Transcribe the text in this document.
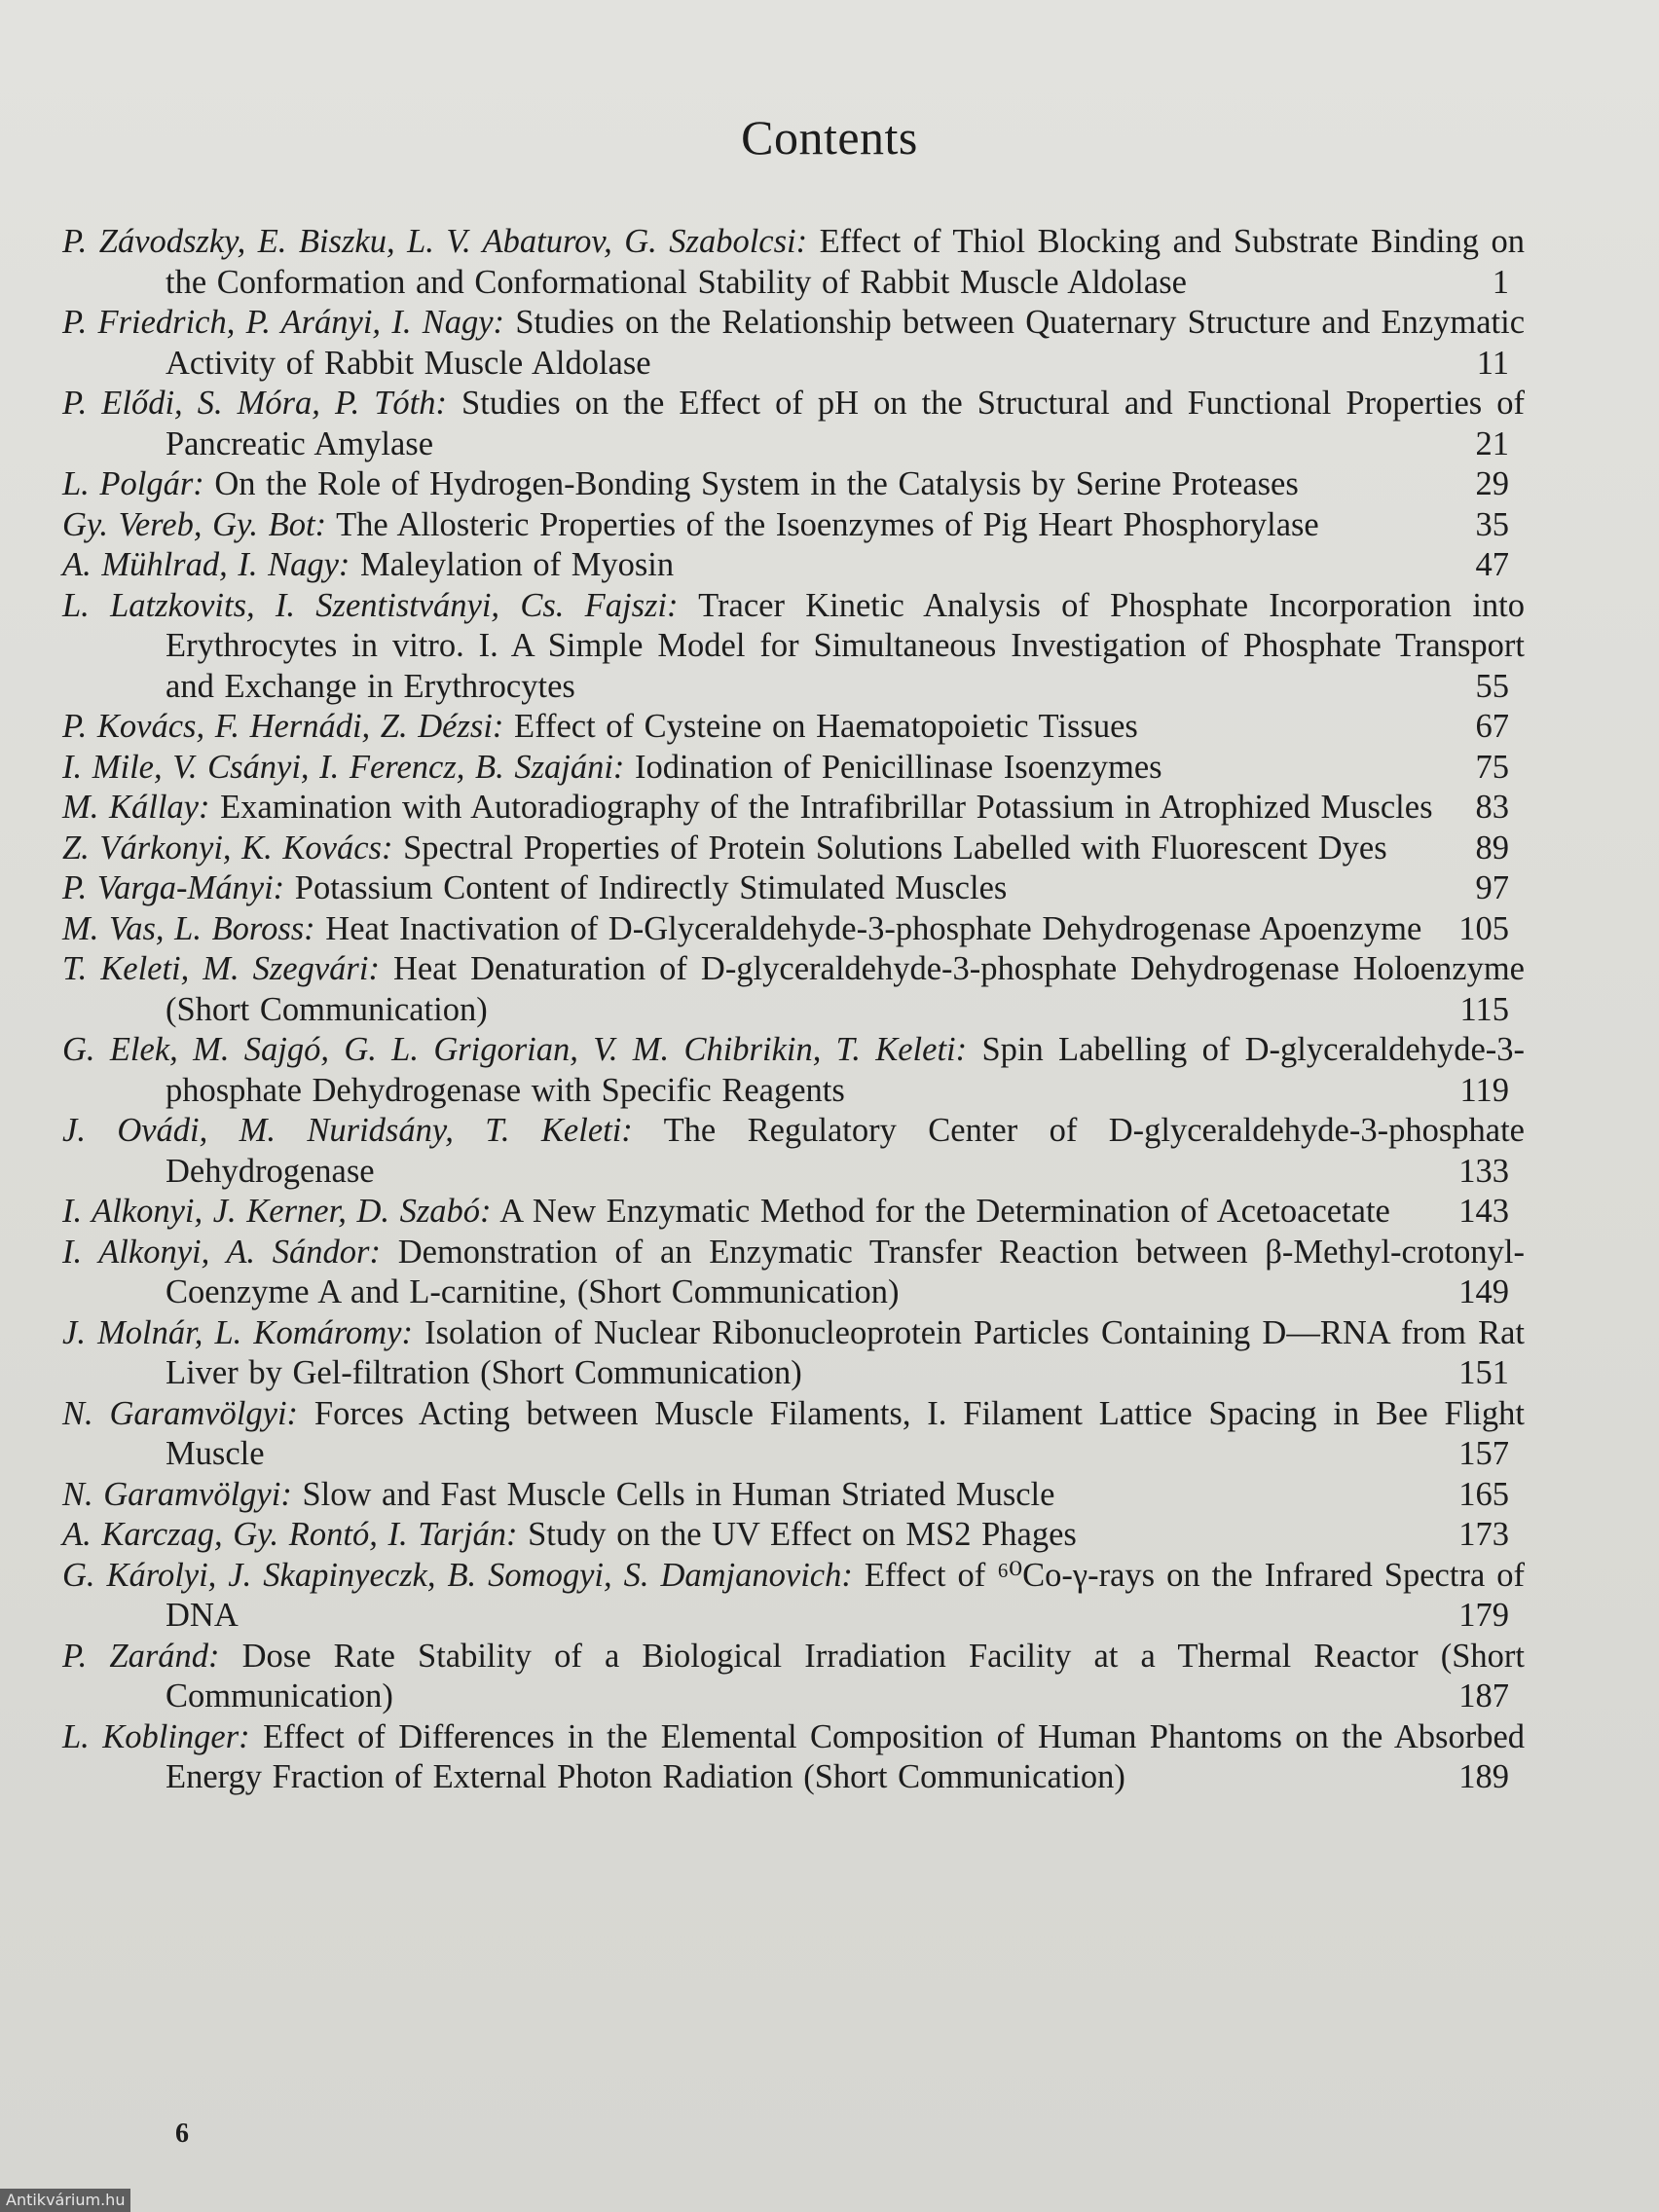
Contents
P. Závodszky, E. Biszku, L. V. Abaturov, G. Szabolcsi: Effect of Thiol Blocking and Substrate Binding on the Conformation and Conformational Stability of Rabbit Muscle Aldolase	1
P. Friedrich, P. Arányi, I. Nagy: Studies on the Relationship between Quaternary Structure and Enzymatic Activity of Rabbit Muscle Aldolase	11
P. Elődi, S. Móra, P. Tóth: Studies on the Effect of pH on the Structural and Functional Properties of Pancreatic Amylase	21
L. Polgár: On the Role of Hydrogen-Bonding System in the Catalysis by Serine Proteases	29
Gy. Vereb, Gy. Bot: The Allosteric Properties of the Isoenzymes of Pig Heart Phosphorylase	35
A. Mühlrad, I. Nagy: Maleylation of Myosin	47
L. Latzkovits, I. Szentistványi, Cs. Fajszi: Tracer Kinetic Analysis of Phosphate Incorporation into Erythrocytes in vitro. I. A Simple Model for Simultaneous Investigation of Phosphate Transport and Exchange in Erythrocytes	55
P. Kovács, F. Hernádi, Z. Dézsi: Effect of Cysteine on Haematopoietic Tissues	67
I. Mile, V. Csányi, I. Ferencz, B. Szajáni: Iodination of Penicillinase Isoenzymes	75
M. Kállay: Examination with Autoradiography of the Intrafibrillar Potassium in Atrophized Muscles	83
Z. Várkonyi, K. Kovács: Spectral Properties of Protein Solutions Labelled with Fluorescent Dyes	89
P. Varga-Mányi: Potassium Content of Indirectly Stimulated Muscles	97
M. Vas, L. Boross: Heat Inactivation of D-Glyceraldehyde-3-phosphate Dehydrogenase Apoenzyme	105
T. Keleti, M. Szegvári: Heat Denaturation of D-glyceraldehyde-3-phosphate Dehydrogenase Holoenzyme (Short Communication)	115
G. Elek, M. Sajgó, G. L. Grigorian, V. M. Chibrikin, T. Keleti: Spin Labelling of D-glyceraldehyde-3-phosphate Dehydrogenase with Specific Reagents	119
J. Ovádi, M. Nuridsány, T. Keleti: The Regulatory Center of D-glyceraldehyde-3-phosphate Dehydrogenase	133
I. Alkonyi, J. Kerner, D. Szabó: A New Enzymatic Method for the Determination of Acetoacetate	143
I. Alkonyi, A. Sándor: Demonstration of an Enzymatic Transfer Reaction between β-Methyl-crotonyl-Coenzyme A and L-carnitine, (Short Communication)	149
J. Molnár, L. Komáromy: Isolation of Nuclear Ribonucleoprotein Particles Containing D—RNA from Rat Liver by Gel-filtration (Short Communication)	151
N. Garamvölgyi: Forces Acting between Muscle Filaments, I. Filament Lattice Spacing in Bee Flight Muscle	157
N. Garamvölgyi: Slow and Fast Muscle Cells in Human Striated Muscle	165
A. Karczag, Gy. Rontó, I. Tarján: Study on the UV Effect on MS2 Phages	173
G. Károlyi, J. Skapinyeczk, B. Somogyi, S. Damjanovich: Effect of ⁶⁰Co-γ-rays on the Infrared Spectra of DNA	179
P. Zaránd: Dose Rate Stability of a Biological Irradiation Facility at a Thermal Reactor (Short Communication)	187
L. Koblinger: Effect of Differences in the Elemental Composition of Human Phantoms on the Absorbed Energy Fraction of External Photon Radiation (Short Communication)	189
6
Antikvárium.hu
